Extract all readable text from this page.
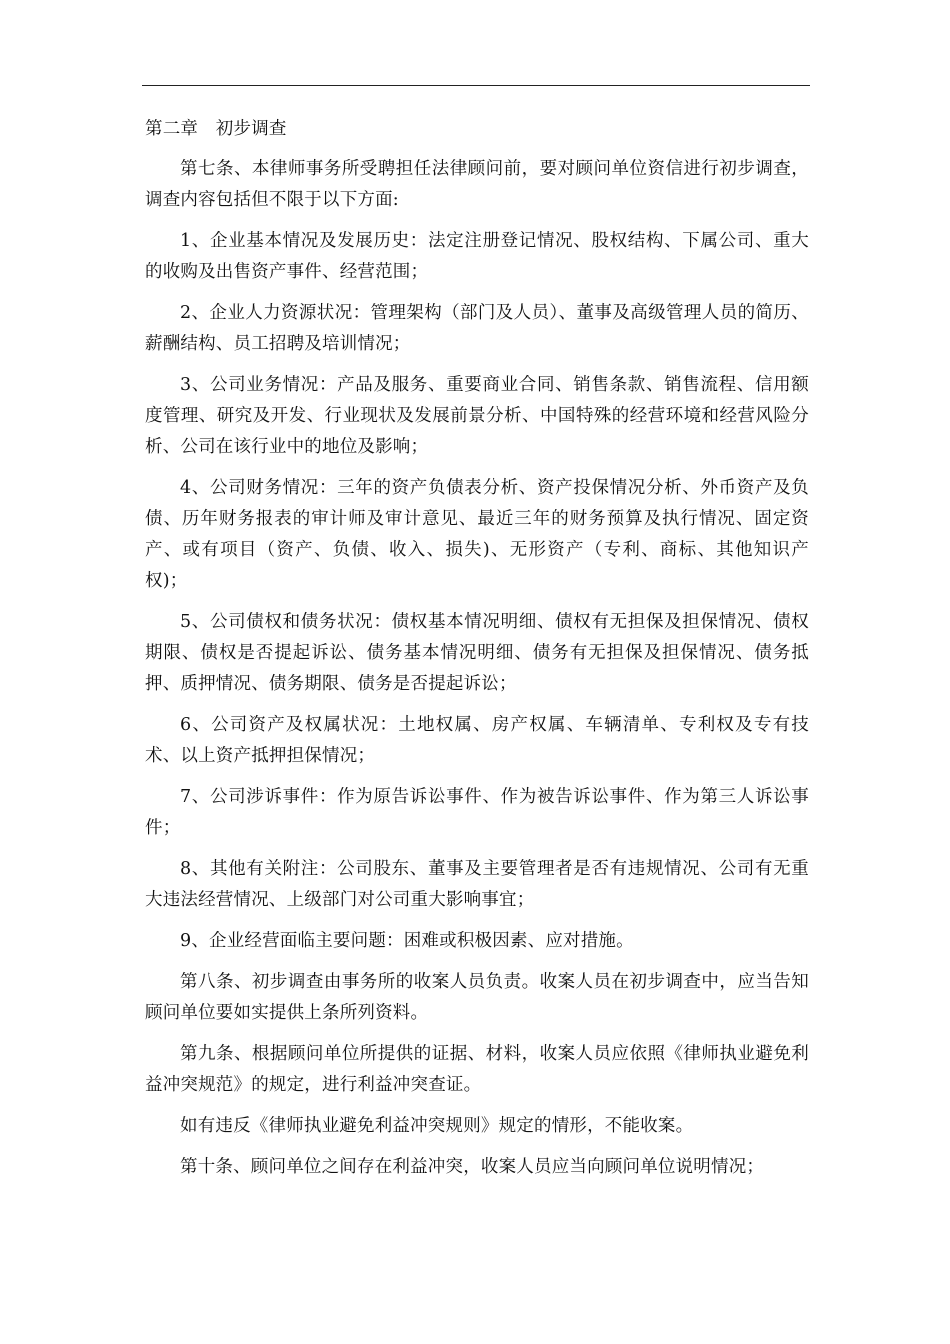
第二章　初步调查

第七条、本律师事务所受聘担任法律顾问前，要对顾问单位资信进行初步调查，调查内容包括但不限于以下方面:

1、企业基本情况及发展历史：法定注册登记情况、股权结构、下属公司、重大的收购及出售资产事件、经营范围；

2、企业人力资源状况：管理架构（部门及人员）、董事及高级管理人员的简历、薪酬结构、员工招聘及培训情况；

3、公司业务情况：产品及服务、重要商业合同、销售条款、销售流程、信用额度管理、研究及开发、行业现状及发展前景分析、中国特殊的经营环境和经营风险分析、公司在该行业中的地位及影响；

4、公司财务情况：三年的资产负债表分析、资产投保情况分析、外币资产及负债、历年财务报表的审计师及审计意见、最近三年的财务预算及执行情况、固定资产、或有项目（资产、负债、收入、损失)、无形资产（专利、商标、其他知识产权)；

5、公司债权和债务状况：债权基本情况明细、债权有无担保及担保情况、债权期限、债权是否提起诉讼、债务基本情况明细、债务有无担保及担保情况、债务抵押、质押情况、债务期限、债务是否提起诉讼；

6、公司资产及权属状况：土地权属、房产权属、车辆清单、专利权及专有技术、以上资产抵押担保情况；

7、公司涉诉事件：作为原告诉讼事件、作为被告诉讼事件、作为第三人诉讼事件；

8、其他有关附注：公司股东、董事及主要管理者是否有违规情况、公司有无重大违法经营情况、上级部门对公司重大影响事宜；

9、企业经营面临主要问题：困难或积极因素、应对措施。

第八条、初步调查由事务所的收案人员负责。收案人员在初步调查中，应当告知顾问单位要如实提供上条所列资料。

第九条、根据顾问单位所提供的证据、材料，收案人员应依照《律师执业避免利益冲突规范》的规定，进行利益冲突查证。

如有违反《律师执业避免利益冲突规则》规定的情形，不能收案。

第十条、顾问单位之间存在利益冲突，收案人员应当向顾问单位说明情况；
